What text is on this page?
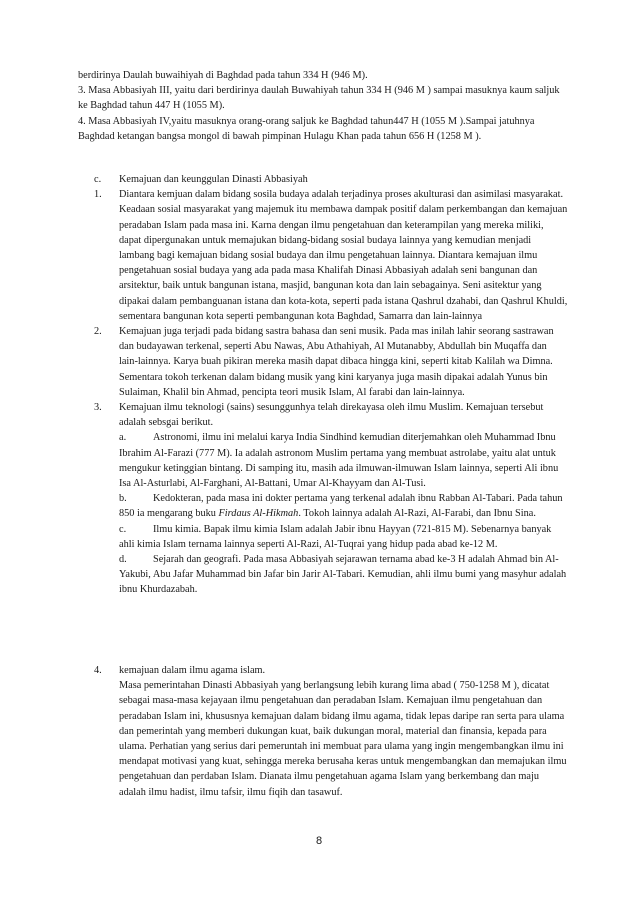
berdirinya Daulah buwaihiyah di Baghdad pada tahun 334 H (946 M).

3. Masa Abbasiyah III, yaitu dari berdirinya daulah Buwahiyah tahun 334 H (946 M ) sampai masuknya kaum saljuk ke Baghdad tahun 447 H (1055 M).

4. Masa Abbasiyah IV,yaitu masuknya orang-orang saljuk ke Baghdad tahun447 H (1055 M ).Sampai jatuhnya Baghdad ketangan bangsa mongol di bawah pimpinan Hulagu Khan pada tahun 656 H (1258 M ).

c. Kemajuan dan keunggulan Dinasti Abbasiyah

1. Diantara kemjuan dalam bidang sosila budaya adalah terjadinya proses akulturasi dan asimilasi masyarakat. Keadaan sosial masyarakat yang majemuk itu membawa dampak positif dalam perkembangan dan kemajuan peradaban Islam pada masa ini. Karna dengan ilmu pengetahuan dan keterampilan yang mereka miliki, dapat dipergunakan untuk memajukan bidang-bidang sosial budaya lainnya yang kemudian menjadi lambang bagi kemajuan bidang sosial budaya dan ilmu pengetahuan lainnya. Diantara kemajuan ilmu pengetahuan sosial budaya yang ada pada masa Khalifah Dinasi Abbasiyah adalah seni bangunan dan arsitektur, baik untuk bangunan istana, masjid, bangunan kota dan lain sebagainya. Seni asitektur yang dipakai dalam pembanguanan istana dan kota-kota, seperti pada istana Qashrul dzahabi, dan Qashrul Khuldi, sementara bangunan kota seperti pembangunan kota Baghdad, Samarra dan lain-lainnya

2. Kemajuan juga terjadi pada bidang sastra bahasa dan seni musik. Pada mas inilah lahir seorang sastrawan dan budayawan terkenal, seperti Abu Nawas, Abu Athahiyah, Al Mutanabby, Abdullah bin Muqaffa dan lain-lainnya. Karya buah pikiran mereka masih dapat dibaca hingga kini, seperti kitab Kalilah wa Dimna. Sementara tokoh terkenan dalam bidang musik yang kini karyanya juga masih dipakai adalah Yunus bin Sulaiman, Khalil bin Ahmad, pencipta teori musik Islam, Al farabi dan lain-lainnya.

3. Kemajuan ilmu teknologi (sains) sesunggunhya telah direkayasa oleh ilmu Muslim. Kemajuan tersebut adalah sebsgai berikut.

a.	Astronomi, ilmu ini melalui karya India Sindhind kemudian diterjemahkan oleh Muhammad Ibnu Ibrahim Al-Farazi (777 M). Ia adalah astronom Muslim pertama yang membuat astrolabe, yaitu alat untuk mengukur ketinggian bintang. Di samping itu, masih ada ilmuwan-ilmuwan Islam lainnya, seperti Ali ibnu Isa Al-Asturlabi, Al-Farghani, Al-Battani, Umar Al-Khayyam dan Al-Tusi.

b.	Kedokteran, pada masa ini dokter pertama yang terkenal adalah ibnu Rabban Al-Tabari. Pada tahun 850 ia mengarang buku Firdaus Al-Hikmah. Tokoh lainnya adalah Al-Razi, Al-Farabi, dan Ibnu Sina.

c.	Ilmu kimia. Bapak ilmu kimia Islam adalah Jabir ibnu Hayyan (721-815 M). Sebenarnya banyak ahli kimia Islam ternama lainnya seperti Al-Razi, Al-Tuqrai yang hidup pada abad ke-12 M.

d.	Sejarah dan geografi. Pada masa Abbasiyah sejarawan ternama abad ke-3 H adalah Ahmad bin Al-Yakubi, Abu Jafar Muhammad bin Jafar bin Jarir Al-Tabari. Kemudian, ahli ilmu bumi yang masyhur adalah ibnu Khurdazabah.

4. kemajuan dalam ilmu agama islam.

Masa pemerintahan Dinasti Abbasiyah yang berlangsung lebih kurang lima abad ( 750-1258 M ), dicatat sebagai masa-masa kejayaan ilmu pengetahuan dan peradaban Islam. Kemajuan ilmu pengetahuan dan peradaban Islam ini, khususnya kemajuan dalam bidang ilmu agama, tidak lepas daripe ran serta para ulama dan pemerintah yang memberi dukungan kuat, baik dukungan moral, material dan finansia, kepada para ulama. Perhatian yang serius dari pemeruntah ini membuat para ulama yang ingin mengembangkan ilmu ini mendapat motivasi yang kuat, sehingga mereka berusaha keras untuk mengembangkan dan memajukan ilmu pengetahuan dan perdaban Islam. Dianata ilmu pengetahuan agama Islam yang berkembang dan maju adalah ilmu hadist, ilmu tafsir, ilmu fiqih dan tasawuf.

8
